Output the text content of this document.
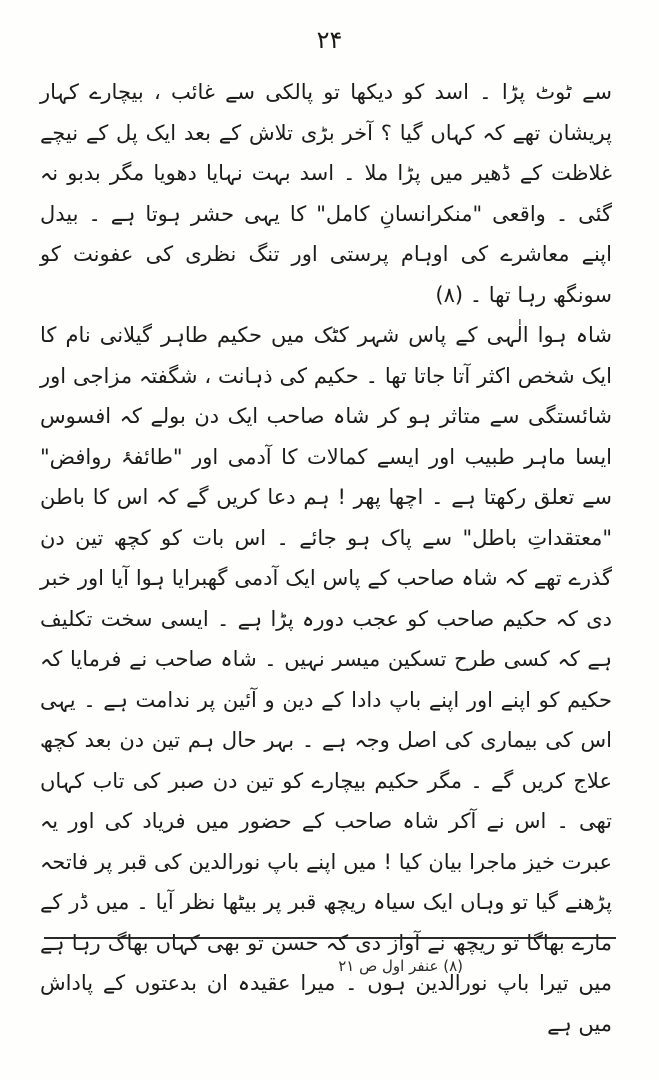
۲۴

سے ٹوٹ پڑا ۔ اسد کو دیکھا تو پالکی سے غائب ، بیچارے کہار پریشان تھے کہ کہاں گیا ؟ آخر بڑی تلاش کے بعد ایک پل کے نیچے غلاظت کے ڈھیر میں پڑا ملا ۔ اسد بہت نہایا دھویا مگر بدبو نہ گئی ۔ واقعی "منکرانسانِ کامل" کا یہی حشر ہوتا ہے ۔ بیدل اپنے معاشرے کی اوہام پرستی اور تنگ نظری کی عفونت کو سونگھ رہا تھا ۔ (۸)

شاہ ہوا الٰہی کے پاس شہر کٹک میں حکیم طاہر گیلانی نام کا ایک شخص اکثر آتا جاتا تھا ۔ حکیم کی ذہانت ، شگفتہ مزاجی اور شائستگی سے متاثر ہو کر شاہ صاحب ایک دن بولے کہ افسوس ایسا ماہر طبیب اور ایسے کمالات کا آدمی اور "طائفۂ روافض" سے تعلق رکھتا ہے ۔ اچھا پھر ! ہم دعا کریں گے کہ اس کا باطن "معتقداتِ باطل" سے پاک ہو جائے ۔ اس بات کو کچھ تین دن گذرے تھے کہ شاہ صاحب کے پاس ایک آدمی گھبرایا ہوا آیا اور خبر دی کہ حکیم صاحب کو عجب دورہ پڑا ہے ۔ ایسی سخت تکلیف ہے کہ کسی طرح تسکین میسر نہیں ۔ شاہ صاحب نے فرمایا کہ حکیم کو اپنے اور اپنے باپ دادا کے دین و آئین پر ندامت ہے ۔ یہی اس کی بیماری کی اصل وجہ ہے ۔ بہر حال ہم تین دن بعد کچھ علاج کریں گے ۔ مگر حکیم بیچارے کو تین دن صبر کی تاب کہاں تھی ۔ اس نے آکر شاہ صاحب کے حضور میں فریاد کی اور یہ عبرت خیز ماجرا بیان کیا ! میں اپنے باپ نورالدین کی قبر پر فاتحہ پڑھنے گیا تو وہاں ایک سیاہ ریچھ قبر پر بیٹھا نظر آیا ۔ میں ڈر کے مارے بھاگا تو ریچھ نے آواز دی کہ حسن تو بھی کہاں بھاگ رہا ہے میں تیرا باپ نورالدین ہوں ۔ میرا عقیدہ ان بدعتوں کے پاداش میں ہے

(۸) عنفر اول ص ۲۱
